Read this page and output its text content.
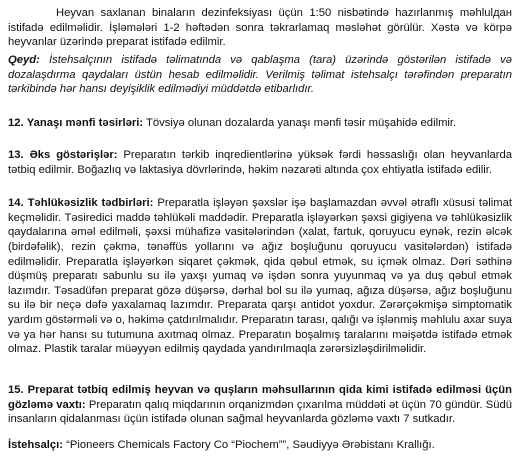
Heyvan saxlanan binaların dezinfeksiyası üçün 1:50 nisbətində hazırlanmış məhlulдан istifadə edilməlidir. İşləmələri 1-2 həftədən sonra təkrarlamaq məsləhət görülür. Xəstə və körpə heyvanlar üzərində preparat istifadə edilmir.

Qeyd: İstehsalçının istifadə təlimatında və qablaşma (tara) üzərində göstərilən istifadə və dozalaşdırma qaydaları üstün hesab edilməlidir. Verilmiş təlimat istehsalçı tərəfindən preparatın tərkibində hər hansı deyişiklik edilmədiyi müddətdə etibarlıdır.

12. Yanaşı mənfi təsirləri: Tövsiyə olunan dozalarda yanaşı mənfi təsir müşahidə edilmir.

13. Əks göstərişlər: Preparatın tərkib inqredientlərinə yüksək fərdi həssaslığı olan heyvanlarda tətbiq edilmir. Boğazlıq və laktasiya dövrlərində, həkim nəzarəti altında çox ehtiyatla istifadə edilir.

14. Təhlükəsizlik tədbirləri: Preparatla işləyən şəxslər işə başlamazdan əvvəl ətraflı xüsusi təlimat keçməlidir. Təsiredici maddə təhlükəli maddədir. Preparatla işləyərkən şəxsi gigiyena və təhlükəsizlik qaydalarına əməl edilməli, şəxsi mühafizə vasitələrindən (xalat, fartuk, qoruyucu eynək, rezin əlcək (birdəfəlik), rezin çəkmə, tənəffüs yollarını və ağız boşluğunu qoruyucu vasitələrdən) istifadə edilməlidir. Preparatla işləyərkən siqaret çəkmək, qida qəbul etmək, su içmək olmaz. Dəri səthinə düşmüş preparatı sabunlu su ilə yaxşı yumaq və işdən sonra yuyunmaq və ya duş qəbul etmək lazımdır. Təsadüfən preparat gözə düşərsə, dərhal bol su ilə yumaq, ağıza düşərsə, ağız boşluğunu su ilə bir neçə dəfə yaxalamaq lazımdır. Preparata qarşı antidot yoxdur. Zərərçəkmişə simptomatik yardım göstərməli və o, həkimə çatdırılmalıdır. Preparatın tarası, qalığı və işlənmiş məhlulu axar suya və ya hər hansı su tutumuna axıtmaq olmaz. Preparatın boşalmış taralarını məişətdə istifadə etmək olmaz. Plastik taralar müəyyən edilmiş qaydada yandırılmaqla zərərsizləşdirilməlidir.

15. Preparat tətbiq edilmiş heyvan və quşların məhsullarının qida kimi istifadə edilməsi üçün gözləmə vaxtı: Preparatın qalıq miqdarının orqanizmdən çıxarılma müddəti ət üçün 70 gündür. Südü insanların qidalanması üçün istifadə olunan sağmal heyvanlarda gözləmə vaxtı 7 sutkadır.

İstehsalçı: “Pioneers Chemicals Factory Co “Piochem””, Səudiyyə Ərəbistanı Krallığı.
